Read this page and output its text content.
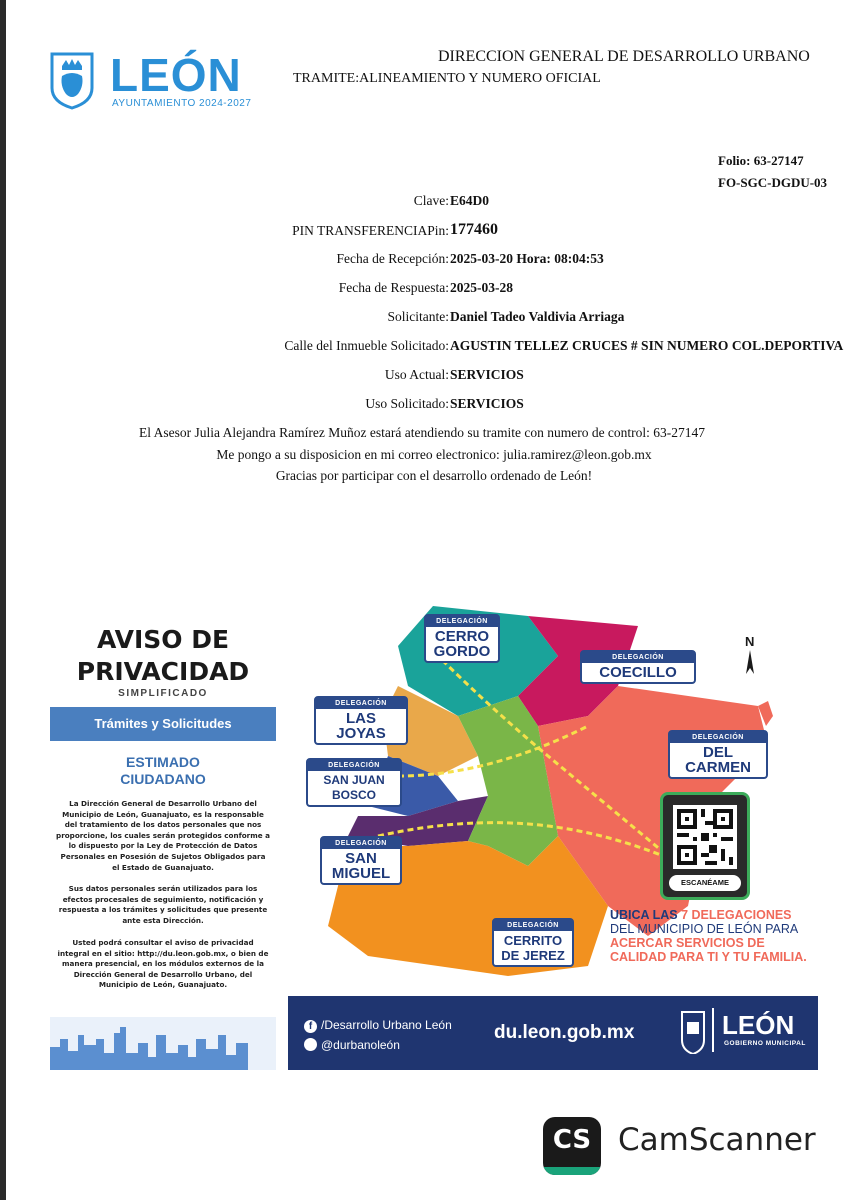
LEÓN
AYUNTAMIENTO 2024-2027
DIRECCION GENERAL DE DESARROLLO URBANO
TRAMITE:ALINEAMIENTO Y NUMERO OFICIAL
Folio: 63-27147
FO-SGC-DGDU-03
Clave: E64D0
PIN TRANSFERENCIAPin: 177460
Fecha de Recepción: 2025-03-20 Hora: 08:04:53
Fecha de Respuesta: 2025-03-28
Solicitante: Daniel Tadeo Valdivia Arriaga
Calle del Inmueble Solicitado: AGUSTIN TELLEZ CRUCES # SIN NUMERO COL.DEPORTIVA
Uso Actual: SERVICIOS
Uso Solicitado: SERVICIOS
El Asesor Julia Alejandra Ramírez Muñoz estará atendiendo su tramite con numero de control: 63-27147
Me pongo a su disposicion en mi correo electronico: julia.ramirez@leon.gob.mx
Gracias por participar con el desarrollo ordenado de León!
AVISO DE
PRIVACIDAD
SIMPLIFICADO
Trámites y Solicitudes
ESTIMADO
CIUDADANO
La Dirección General de Desarrollo Urbano del Municipio de León, Guanajuato, es la responsable del tratamiento de los datos personales que nos proporcione, los cuales serán protegidos conforme a lo dispuesto por la Ley de Protección de Datos Personales en Posesión de Sujetos Obligados para el Estado de Guanajuato.
Sus datos personales serán utilizados para los efectos procesales de seguimiento, notificación y respuesta a los trámites y solicitudes que presente ante esta Dirección.
Usted podrá consultar el aviso de privacidad integral en el sitio: http://du.leon.gob.mx, o bien de manera presencial, en los módulos externos de la Dirección General de Desarrollo Urbano, del Municipio de León, Guanajuato.
N
DELEGACIÓN
CERRO GORDO	DELEGACIÓN
COECILLO
DELEGACIÓN
LAS JOYAS	DELEGACIÓN
DEL CARMEN
DELEGACIÓN
SAN JUAN BOSCO
DELEGACIÓN
SAN MIGUEL
DELEGACIÓN
CERRITO DE JEREZ
ESCANÉAME
UBICA LAS 7 DELEGACIONES DEL MUNICIPIO DE LEÓN PARA ACERCAR SERVICIOS DE CALIDAD PARA TI Y TU FAMILIA.
f /Desarrollo Urbano León
@durbanoleón
du.leon.gob.mx	LEÓN
GOBIERNO MUNICIPAL
CS CamScanner
